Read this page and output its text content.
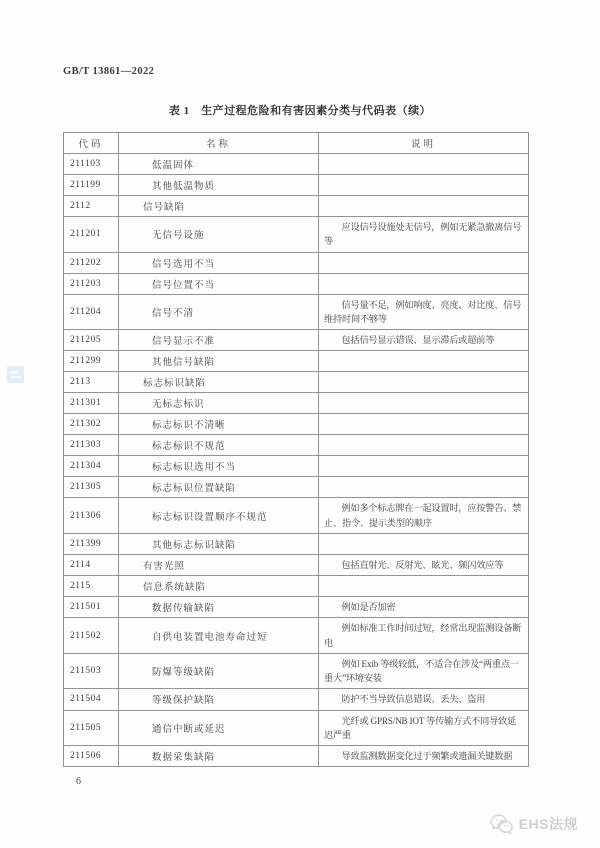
GB/T 13861—2022
表 1　生产过程危险和有害因素分类与代码表（续）
代码	名称	说明
211103	低温固体	
211199	其他低温物质	
2112	信号缺陷	
211201	无信号设施	应设信号设施处无信号，例如无紧急撤离信号等
211202	信号选用不当	
211203	信号位置不当	
211204	信号不清	信号量不足，例如响度、亮度、对比度、信号维持时间不够等
211205	信号显示不准	包括信号显示错误、显示滞后或超前等
211299	其他信号缺陷	
2113	标志标识缺陷	
211301	无标志标识	
211302	标志标识不清晰	
211303	标志标识不规范	
211304	标志标识选用不当	
211305	标志标识位置缺陷	
211306	标志标识设置顺序不规范	例如多个标志牌在一起设置时，应按警告、禁止、指令、提示类型的顺序
211399	其他标志标识缺陷	
2114	有害光照	包括直射光、反射光、眩光、频闪效应等
2115	信息系统缺陷	
211501	数据传输缺陷	例如是否加密
211502	自供电装置电池寿命过短	例如标准工作时间过短，经常出现监测设备断电
211503	防爆等级缺陷	例如 Exib 等级较低，不适合在涉及“两重点一重大”环境安装
211504	等级保护缺陷	防护不当导致信息错误、丢失、盗用
211505	通信中断或延迟	光纤或 GPRS/NB IOT 等传输方式不同导致延迟严重
211506	数据采集缺陷	导致监测数据变化过于频繁或遗漏关键数据
6
EHS法规
